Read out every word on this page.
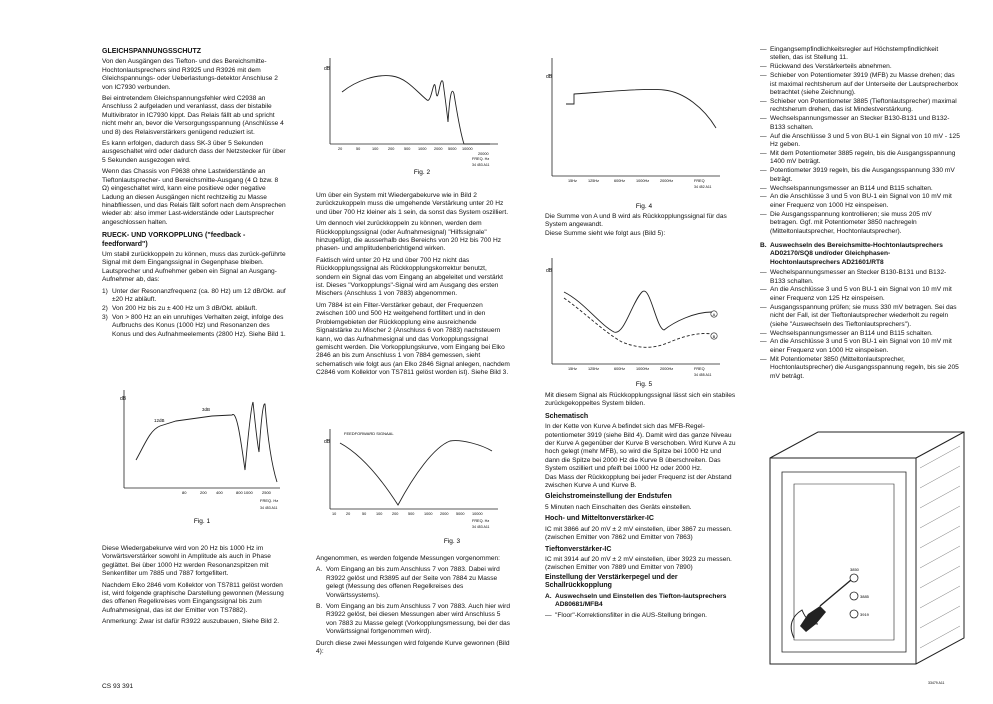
GLEICHSPANNUNGSSCHUTZ

Von den Ausgängen des Tiefton- und des Bereichsmitte-Hochtonlautsprechers sind R3925 und R3926 mit dem Gleichspannungs- oder Ueberlastungs-detektor Anschluse 2 von IC7930 verbunden.

Bei eintretendem Gleichspannungsfehler wird C2938 an Anschluss 2 aufgeladen und veranlasst, dass der bistabile Multivibrator in IC7930 kippt. Das Relais fällt ab und spricht nicht mehr an, bevor die Versorgungsspannung (Anschlüsse 4 und 8) des Relaisverstärkers genügend reduziert ist.

Es kann erfolgen, dadurch dass SK-3 über 5 Sekunden ausgeschaltet wird oder dadurch dass der Netzstecker für über 5 Sekunden ausgezogen wird.

Wenn das Chassis von F9638 ohne Lastwiderstände an Tieftonlautsprecher- und Bereichsmitte-Ausgang (4 Ω bzw. 8 Ω) eingeschaltet wird, kann eine positieve oder negative Ladung an diesen Ausgängen nicht rechtzeitig zu Masse hinabfliessen, und das Relais fällt sofort nach dem Ansprechen wieder ab: also immer Last-widerstände oder Lautsprecher angeschlossen halten.

RUECK- UND VORKOPPLUNG ("feedback - feedforward")

Um stabil zurückkoppeln zu können, muss das zurück-geführte Signal mit dem Eingangssignal in Gegenphase bleiben. Lautsprecher und Aufnehmer geben ein Signal an Ausgang-Aufnehmer ab, das:

1) Unter der Resonanzfrequenz (ca. 80 Hz) um 12 dB/Okt. auf ±20 Hz abläuft.
2) Von 200 Hz bis zu ± 400 Hz um 3 dB/Okt. abläuft.
3) Von > 800 Hz an ein unruhiges Verhalten zeigt, infolge des Aufbruchs des Konus (1000 Hz) und Resonanzen des Konus und des Aufnahmeelements (2800 Hz). Siehe Bild 1.
dB
12dB
3dB
80	200 400	800 1000 2500
FREQ. Hz
34 453 A11
Fig. 1

Diese Wiedergabekurve wird von 20 Hz bis 1000 Hz im Vorwärtsverstärker sowohl in Amplitude als auch in Phase geglättet. Bei über 1000 Hz werden Resonanzspitzen mit Senkenfilter um 7885 und 7887 fortgefiltert.

Nachdem Elko 2846 vom Kollektor von TS7811 gelöst worden ist, wird folgende graphische Darstellung gewonnen (Messung des offenen Regelkreises vom Eingangssignal bis zum Aufnahmesignal, das ist der Emitter von TS7882).

Anmerkung: Zwar ist dafür R3922 auszubauen, Siehe Bild 2.

CS 93 391
dB
20	50	100	200	500 1000 2000 5000 10000
20000
FREQ. Hz
34 453 A11
Fig. 2

Um über ein System mit Wiedergabekurve wie in Bild 2 zurückzukoppeln muss die umgehende Verstärkung unter 20 Hz und über 700 Hz kleiner als 1 sein, da sonst das System oszilliert.

Um dennoch viel zurückkoppeln zu können, werden dem Rückkopplungssignal (oder Aufnahmesignal) "Hilfssignale" hinzugefügt, die ausserhalb des Bereichs von 20 Hz bis 700 Hz phasen- und amplitudenberichtigend wirken.

Faktisch wird unter 20 Hz und über 700 Hz nicht das Rückkopplungssignal als Rückkopplungskorrektur benutzt, sondern ein Signal das vom Eingang an abgeleitet und verstärkt ist. Dieses "Vorkopplungs"-Signal wird am Ausgang des ersten Mischers (Anschluss 1 von 7883) abgenommen.

Um 7884 ist ein Filter-Verstärker gebaut, der Frequenzen zwischen 100 und 500 Hz weitgehend fortfiltert und in den Problemgebieten der Rückkopplung eine ausreichende Signalstärke zu Mischer 2 (Anschluss 6 von 7883) nachsteuern kann, wo das Aufnahmesignal und das Vorkopplungssignal gemischt werden. Die Vorkopplungskurve, vom Eingang bei Elko 2846 an bis zum Anschluss 1 von 7884 gemessen, sieht schematisch wie folgt aus (an Elko 2846 Signal anlegen, nachdem C2846 vom Kollektor von TS7811 gelöst worden ist). Siehe Bild 3.

dB
FEEDFORWARD SIGNAAL
10	20	50	100	200	500	1000 2000 5000 10000
FREQ. Hz
34 453 A11
Fig. 3

Angenommen, es werden folgende Messungen vorgenommen:

A. Vom Eingang an bis zum Anschluss 7 von 7883. Dabei wird R3922 gelöst und R3895 auf der Seite von 7884 zu Masse gelegt (Messung des offenen Regelkreises des Vorwärtssystems).
B. Vom Eingang an bis zum Anschluss 7 von 7883. Auch hier wird R3922 gelöst, bei diesen Messungen aber wird Anschluss 5 von 7883 zu Masse gelegt (Vorkopplungsmessung, bei der das Vorwärtssignal fortgenommen wird).

Durch diese zwei Messungen wird folgende Kurve gewonnen (Bild 4):

dB
15Hz	125Hz	600Hz	1000Hz	2000Hz	FREQ
34 452 A11
Fig. 4

Die Summe von A und B wird als Rückkopplungssignal für das System angewandt.

Diese Summe sieht wie folgt aus (Bild 5):

dB
A
B
15Hz	125Hz	600Hz	1000Hz	2000Hz	FREQ
34 455 A11
Fig. 5

Mit diesem Signal als Rückkopplungssignal lässt sich ein stabiles zurückgekoppeltes System bilden.

Schematisch

In der Kette von Kurve A befindet sich das MFB-Regel-potentiometer 3919 (siehe Bild 4). Damit wird das ganze Niveau der Kurve A gegenüber der Kurve B verschoben. Wird Kurve A zu hoch gelegt (mehr MFB), so wird die Spitze bei 1000 Hz und dann die Spitze bei 2000 Hz die Kurve B überschreiten. Das System oszilliert und pfeift bei 1000 Hz oder 2000 Hz.

Das Mass der Rückkopplung bei jeder Frequenz ist der Abstand zwischen Kurve A und Kurve B.

Gleichstromeinstellung der Endstufen

5 Minuten nach Einschalten des Geräts einstellen.

Hoch- und Mitteltonverstärker-IC

IC mit 3866 auf 20 mV ± 2 mV einstellen, über 3867 zu messen.

(zwischen Emitter von 7862 und Emitter von 7863)

Tieftonverstärker-IC

IC mit 3914 auf 20 mV ± 2 mV einstellen, über 3923 zu messen.

(zwischen Emitter von 7889 und Emitter von 7890)

Einstellung der Verstärkerpegel und der Schallrückkopplung
A. Auswechseln und Einstellen des Tiefton-lautsprechers AD80681/MFB4
— "Floor"-Korrektionsfilter in die AUS-Stellung bringen.
— Eingangsempfindlichkeitsregler auf Höchstempfindlichkeit stellen, das ist Stellung 11.
— Rückwand des Verstärkerteils abnehmen.
— Schieber von Potentiometer 3919 (MFB) zu Masse drehen; das ist maximal rechtsherum auf der Unterseite der Lautsprecherbox betrachtet (siehe Zeichnung).
— Schieber von Potentiometer 3885 (Tieftonlautsprecher) maximal rechtsherum drehen, das ist Mindestverstärkung.
— Wechselspannungsmesser an Stecker B130-B131 und B132-B133 schalten.
— Auf die Anschlüsse 3 und 5 von BU-1 ein Signal von 10 mV - 125 Hz geben.
— Mit dem Potentiometer 3885 regeln, bis die Ausgangsspannung 1400 mV beträgt.
— Potentiometer 3919 regeln, bis die Ausgangsspannung 330 mV beträgt.
— Wechselspannungsmesser an B114 und B115 schalten.
— An die Anschlüsse 3 und 5 von BU-1 ein Signal von 10 mV mit einer Frequenz von 1000 Hz einspeisen.
— Die Ausgangsspannung kontrollieren; sie muss 205 mV betragen. Ggf. mit Potentiometer 3850 nachregeln (Mitteltonlautsprecher, Hochtonlautsprecher).
B. Auswechseln des Bereichsmitte-Hochtonlautsprechers AD02170/SQ8 und/oder Gleichphasen-Hochtonlautsprechers AD21601/RT8
— Wechelspannungsmesser an Stecker B130-B131 und B132-B133 schalten.
— An die Anschlüsse 3 und 5 von BU-1 ein Signal von 10 mV mit einer Frequenz von 125 Hz einspeisen.
— Ausgangsspannung prüfen; sie muss 330 mV betragen. Sei das nicht der Fall, ist der Tieftonlautsprecher wiederholt zu regeln (siehe "Auswechseln des Tieftonlautsprechers").
— Wechselspannungsmesser an B114 und B115 schalten.
— An die Anschlüsse 3 und 5 von BU-1 ein Signal von 10 mV mit einer Frequenz von 1000 Hz einspeisen.
— Mit Potentiometer 3850 (Mitteltonlautsprecher, Hochtonlautsprecher) die Ausgangsspannung regeln, bis sie 205 mV beträgt.
3850
3885
3919
33479 A11
